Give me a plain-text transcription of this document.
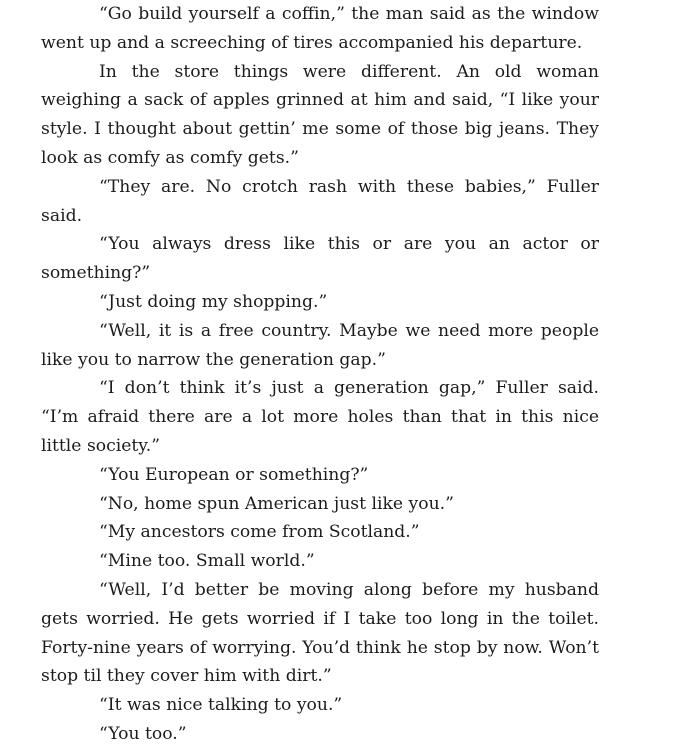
“Go build yourself a coffin,” the man said as the window went up and a screeching of tires accompanied his departure.

In the store things were different. An old woman weighing a sack of apples grinned at him and said, “I like your style. I thought about gettin’ me some of those big jeans. They look as comfy as comfy gets.”

“They are. No crotch rash with these babies,” Fuller said.

“You always dress like this or are you an actor or something?”

“Just doing my shopping.”

“Well, it is a free country. Maybe we need more people like you to narrow the generation gap.”

“I don’t think it’s just a generation gap,” Fuller said. “I’m afraid there are a lot more holes than that in this nice little society.”

“You European or something?”

“No, home spun American just like you.”

“My ancestors come from Scotland.”

“Mine too. Small world.”

“Well, I’d better be moving along before my husband gets worried. He gets worried if I take too long in the toilet. Forty-nine years of worrying. You’d think he stop by now. Won’t stop til they cover him with dirt.”

“It was nice talking to you.”

“You too.”
